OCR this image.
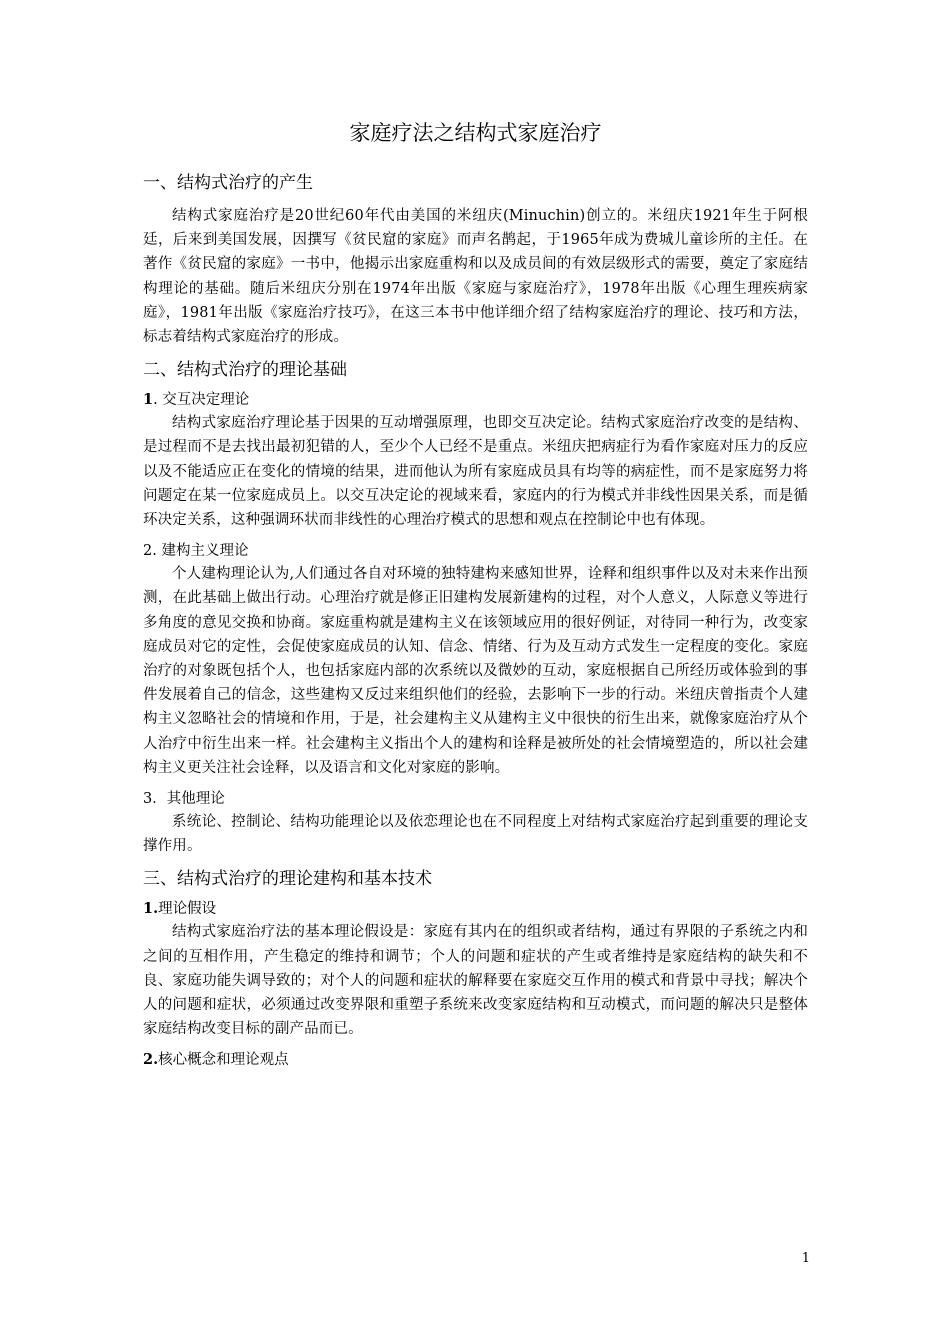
家庭疗法之结构式家庭治疗
一、结构式治疗的产生
结构式家庭治疗是20世纪60年代由美国的米纽庆(Minuchin)创立的。米纽庆1921年生于阿根廷，后来到美国发展，因撰写《贫民窟的家庭》而声名鹊起，于1965年成为费城儿童诊所的主任。在著作《贫民窟的家庭》一书中，他揭示出家庭重构和以及成员间的有效层级形式的需要，奠定了家庭结构理论的基础。随后米纽庆分别在1974年出版《家庭与家庭治疗》，1978年出版《心理生理疾病家庭》，1981年出版《家庭治疗技巧》，在这三本书中他详细介绍了结构家庭治疗的理论、技巧和方法，标志着结构式家庭治疗的形成。
二、结构式治疗的理论基础
1. 交互决定理论
结构式家庭治疗理论基于因果的互动增强原理，也即交互决定论。结构式家庭治疗改变的是结构、是过程而不是去找出最初犯错的人，至少个人已经不是重点。米纽庆把病症行为看作家庭对压力的反应以及不能适应正在变化的情境的结果，进而他认为所有家庭成员具有均等的病症性，而不是家庭努力将问题定在某一位家庭成员上。以交互决定论的视域来看，家庭内的行为模式并非线性因果关系，而是循环决定关系，这种强调环状而非线性的心理治疗模式的思想和观点在控制论中也有体现。
2. 建构主义理论
个人建构理论认为,人们通过各自对环境的独特建构来感知世界，诠释和组织事件以及对未来作出预测，在此基础上做出行动。心理治疗就是修正旧建构发展新建构的过程，对个人意义，人际意义等进行多角度的意见交换和协商。家庭重构就是建构主义在该领域应用的很好例证，对待同一种行为，改变家庭成员对它的定性，会促使家庭成员的认知、信念、情绪、行为及互动方式发生一定程度的变化。家庭治疗的对象既包括个人，也包括家庭内部的次系统以及微妙的互动，家庭根据自己所经历或体验到的事件发展着自己的信念，这些建构又反过来组织他们的经验，去影响下一步的行动。米纽庆曾指责个人建构主义忽略社会的情境和作用，于是，社会建构主义从建构主义中很快的衍生出来，就像家庭治疗从个人治疗中衍生出来一样。社会建构主义指出个人的建构和诠释是被所处的社会情境塑造的，所以社会建构主义更关注社会诠释，以及语言和文化对家庭的影响。
3．其他理论
系统论、控制论、结构功能理论以及依恋理论也在不同程度上对结构式家庭治疗起到重要的理论支撑作用。
三、结构式治疗的理论建构和基本技术
1.理论假设
结构式家庭治疗法的基本理论假设是：家庭有其内在的组织或者结构，通过有界限的子系统之内和之间的互相作用，产生稳定的维持和调节；个人的问题和症状的产生或者维持是家庭结构的缺失和不良、家庭功能失调导致的；对个人的问题和症状的解释要在家庭交互作用的模式和背景中寻找；解决个人的问题和症状，必须通过改变界限和重塑子系统来改变家庭结构和互动模式，而问题的解决只是整体家庭结构改变目标的副产品而已。
2.核心概念和理论观点
1
